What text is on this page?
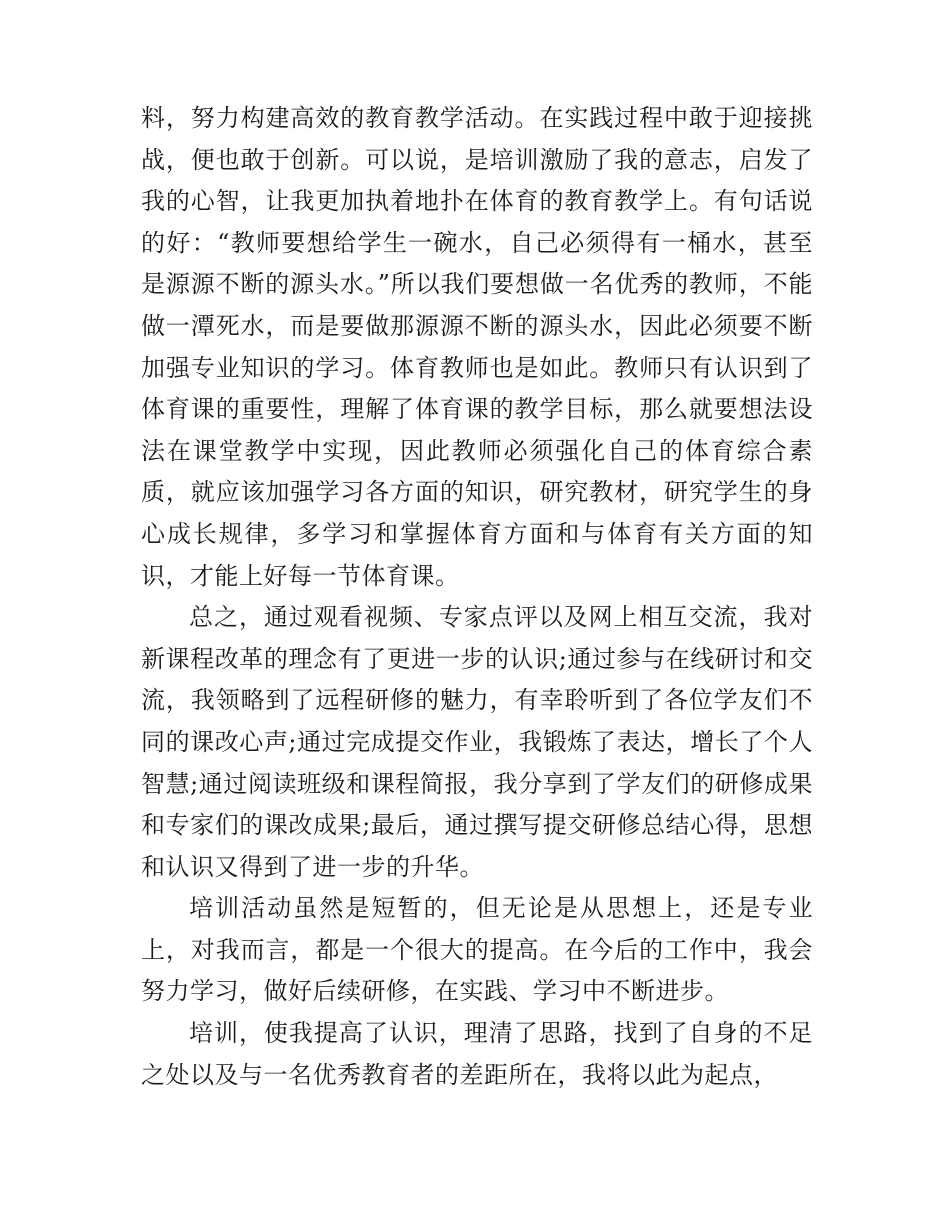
料，努力构建高效的教育教学活动。在实践过程中敢于迎接挑战，便也敢于创新。可以说，是培训激励了我的意志，启发了我的心智，让我更加执着地扑在体育的教育教学上。有句话说的好：“教师要想给学生一碗水，自己必须得有一桶水，甚至是源源不断的源头水。”所以我们要想做一名优秀的教师，不能做一潭死水，而是要做那源源不断的源头水，因此必须要不断加强专业知识的学习。体育教师也是如此。教师只有认识到了体育课的重要性，理解了体育课的教学目标，那么就要想法设法在课堂教学中实现，因此教师必须强化自己的体育综合素质，就应该加强学习各方面的知识，研究教材，研究学生的身心成长规律，多学习和掌握体育方面和与体育有关方面的知识，才能上好每一节体育课。

总之，通过观看视频、专家点评以及网上相互交流，我对新课程改革的理念有了更进一步的认识;通过参与在线研讨和交流，我领略到了远程研修的魅力，有幸聆听到了各位学友们不同的课改心声;通过完成提交作业，我锻炼了表达，增长了个人智慧;通过阅读班级和课程简报，我分享到了学友们的研修成果和专家们的课改成果;最后，通过撰写提交研修总结心得，思想和认识又得到了进一步的升华。

培训活动虽然是短暂的，但无论是从思想上，还是专业上，对我而言，都是一个很大的提高。在今后的工作中，我会努力学习，做好后续研修，在实践、学习中不断进步。

培训，使我提高了认识，理清了思路，找到了自身的不足之处以及与一名优秀教育者的差距所在，我将以此为起点，
